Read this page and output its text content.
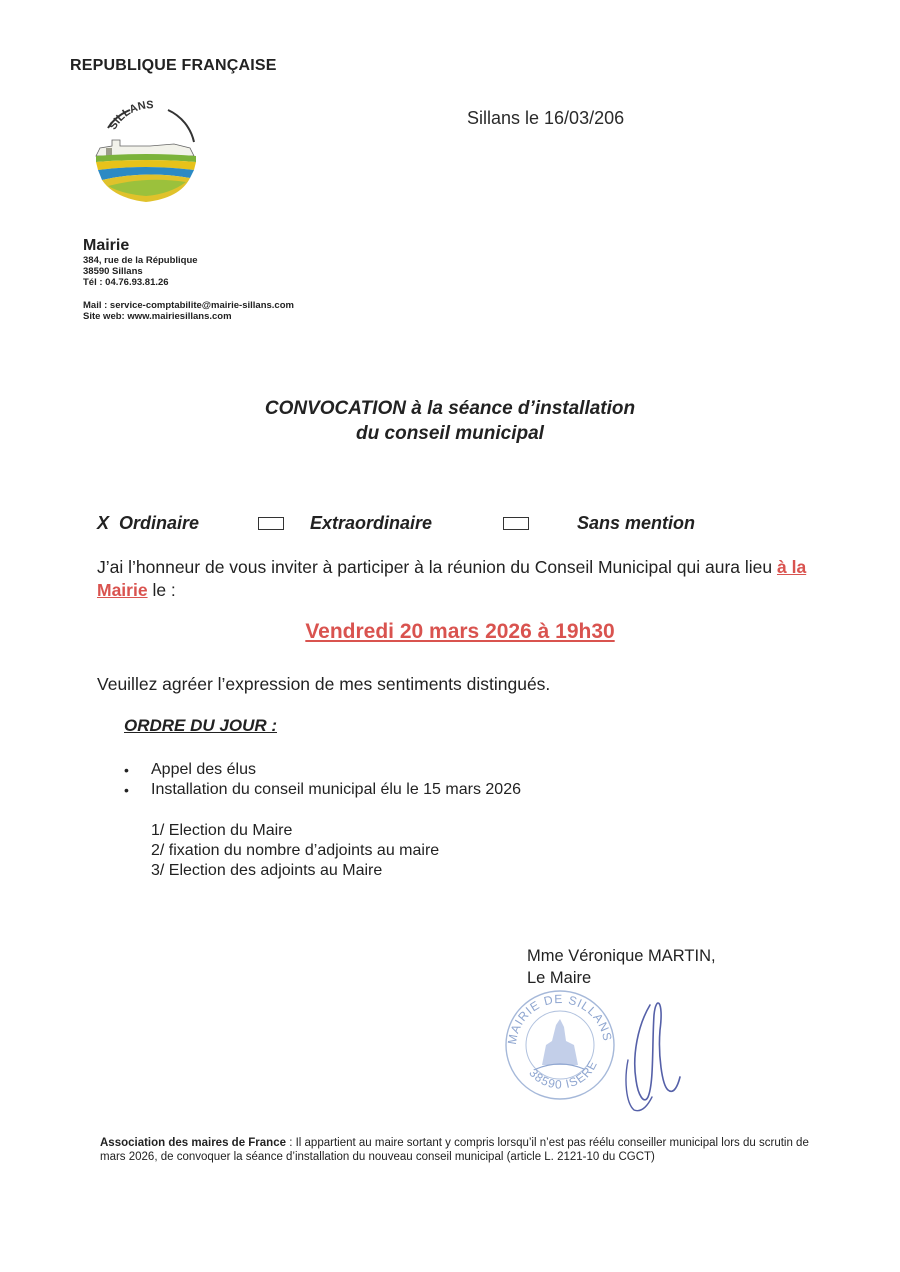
REPUBLIQUE FRANÇAISE
SILLANS
Sillans le 16/03/206
Mairie
384, rue de la République
38590 Sillans
Tél : 04.76.93.81.26
Mail : service-comptabilite@mairie-sillans.com
Site web: www.mairiesillans.com
CONVOCATION à la séance d’installation
du conseil municipal
X  Ordinaire	Extraordinaire	Sans mention
J’ai l’honneur de vous inviter à participer à la réunion du Conseil Municipal qui aura lieu à la Mairie le :
Vendredi 20 mars 2026 à 19h30
Veuillez agréer l’expression de mes sentiments distingués.
ORDRE DU JOUR :
• Appel des élus
• Installation du conseil municipal élu le 15 mars 2026
1/ Election du Maire
2/ fixation du nombre d’adjoints au maire
3/ Election des adjoints au Maire
Mme Véronique MARTIN,
Le Maire
MAIRIE DE SILLANS
38590 ISERE
Association des maires de France : Il appartient au maire sortant y compris lorsqu’il n’est pas réélu conseiller municipal lors du scrutin de mars 2026, de convoquer la séance d’installation du nouveau conseil municipal (article L. 2121-10 du CGCT)
